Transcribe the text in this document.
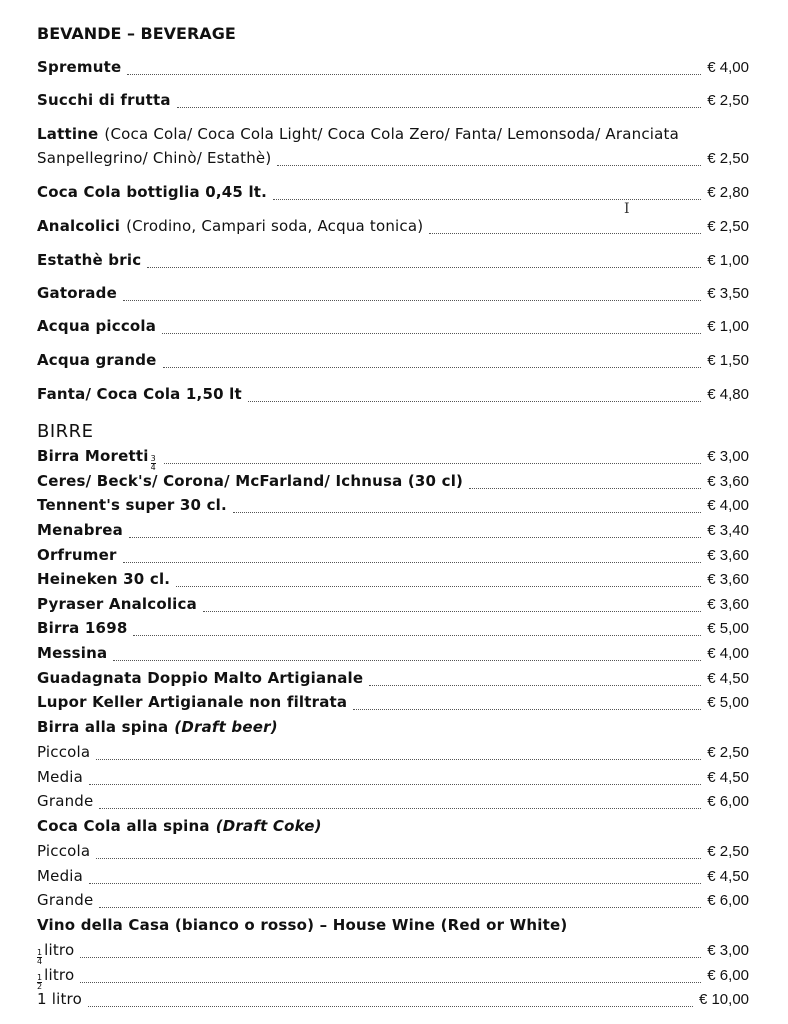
BEVANDE – BEVERAGE
Spremute	€ 4,00
Succhi di frutta	€ 2,50
Lattine (Coca Cola/ Coca Cola Light/ Coca Cola Zero/ Fanta/ Lemonsoda/ Aranciata
Sanpellegrino/ Chinò/ Estathè)	€ 2,50
Coca Cola bottiglia 0,45 lt.	€ 2,80
Analcolici (Crodino, Campari soda, Acqua tonica)	€ 2,50
Estathè bric	€ 1,00
Gatorade	€ 3,50
Acqua piccola	€ 1,00
Acqua grande	€ 1,50
Fanta/ Coca Cola 1,50 lt	€ 4,80
BIRRE
Birra Moretti $\frac{3}{4}$	€ 3,00
Ceres/ Beck's/ Corona/ McFarland/ Ichnusa (30 cl)	€ 3,60
Tennent's super 30 cl.	€ 4,00
Menabrea	€ 3,40
Orfrumer	€ 3,60
Heineken 30 cl.	€ 3,60
Pyraser Analcolica	€ 3,60
Birra 1698	€ 5,00
Messina	€ 4,00
Guadagnata Doppio Malto Artigianale	€ 4,50
Lupor Keller Artigianale non filtrata	€ 5,00
Birra alla spina (Draft beer)
Piccola	€ 2,50
Media	€ 4,50
Grande	€ 6,00
Coca Cola alla spina (Draft Coke)
Piccola	€ 2,50
Media	€ 4,50
Grande	€ 6,00
Vino della Casa (bianco o rosso) – House Wine (Red or White)
$\frac{1}{4}$ litro	€ 3,00
$\frac{1}{2}$ litro	€ 6,00
1 litro	€ 10,00
I
